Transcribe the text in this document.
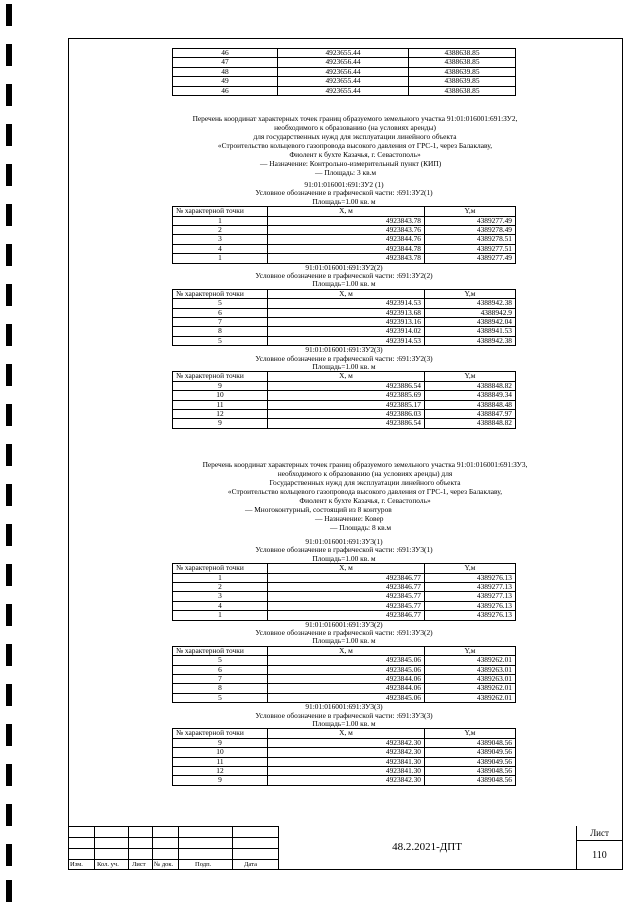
46	4923655.44	4388638.85
47	4923656.44	4388638.85
48	4923656.44	4388639.85
49	4923655.44	4388639.85
46	4923655.44	4388638.85
Перечень координат характерных точек границ образуемого земельного участка 91:01:016001:691:ЗУ2,
необходимого к образованию (на условиях аренды)
для государственных нужд для эксплуатации линейного объекта
«Строительство кольцевого газопровода высокого давления от ГРС-1, через Балаклаву,
Фиолент к бухте Казачья, г. Севастополь»
— Назначение: Контрольно-измерительный пункт (КИП)
— Площадь: 3 кв.м
91:01:016001:691:ЗУ2 (1)
Условное обозначение в графической части: :691:ЗУ2(1)
Площадь=1.00 кв. м
№ характерной точки	X, м	Y,м
1	4923843.78	4389277.49
2	4923843.76	4389278.49
3	4923844.76	4389278.51
4	4923844.78	4389277.51
1	4923843.78	4389277.49
91:01:016001:691:ЗУ2(2)
Условное обозначение в графической части: :691:ЗУ2(2)
Площадь=1.00 кв. м
№ характерной точки	X, м	Y,м
5	4923914.53	4388942.38
6	4923913.68	4388942.9
7	4923913.16	4388942.04
8	4923914.02	4388941.53
5	4923914.53	4388942.38
91:01:016001:691:ЗУ2(3)
Условное обозначение в графической части: :691:ЗУ2(3)
Площадь=1.00 кв. м
№ характерной точки	X, м	Y,м
9	4923886.54	4388848.82
10	4923885.69	4388849.34
11	4923885.17	4388848.48
12	4923886.03	4388847.97
9	4923886.54	4388848.82
Перечень координат характерных точек границ образуемого земельного участка 91:01:016001:691:ЗУ3,
необходимого к образованию (на условиях аренды) для
Государственных нужд для эксплуатации линейного объекта
«Строительство кольцевого газопровода высокого давления от ГРС-1, через Балаклаву,
Фиолент к бухте Казачья, г. Севастополь»
— Многоконтурный, состоящий из 8 контуров
— Назначение: Ковер
— Площадь: 8 кв.м
91:01:016001:691:ЗУ3(1)
Условное обозначение в графической части: :691:ЗУ3(1)
Площадь=1.00 кв. м
№ характерной точки	X, м	Y,м
1	4923846.77	4389276.13
2	4923846.77	4389277.13
3	4923845.77	4389277.13
4	4923845.77	4389276.13
1	4923846.77	4389276.13
91:01:016001:691:ЗУ3(2)
Условное обозначение в графической части: :691:ЗУ3(2)
Площадь=1.00 кв. м
№ характерной точки	X, м	Y,м
5	4923845.06	4389262.01
6	4923845.06	4389263.01
7	4923844.06	4389263.01
8	4923844.06	4389262.01
5	4923845.06	4389262.01
91:01:016001:691:ЗУ3(3)
Условное обозначение в графической части: :691:ЗУ3(3)
Площадь=1.00 кв. м
№ характерной точки	X, м	Y,м
9	4923842.30	4389048.56
10	4923842.30	4389049.56
11	4923841.30	4389049.56
12	4923841.30	4389048.56
9	4923842.30	4389048.56
Изм. Кол. уч. Лист № док.	Подп.	Дата
48.2.2021-ДПТ
Лист
110
